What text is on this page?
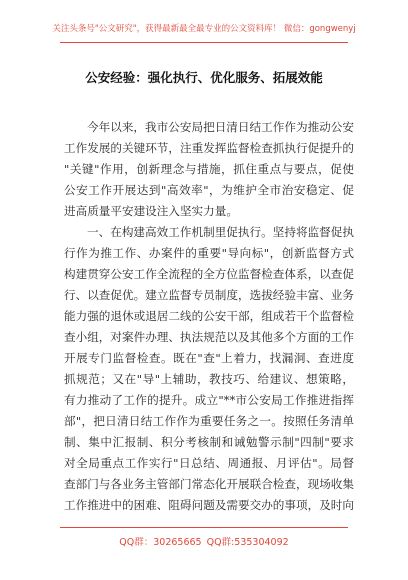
关注头条号"公文研究"，获得最新最全最专业的公文资料库！ 微信：gongwenyj
公安经验：强化执行、优化服务、拓展效能
今年以来，我市公安局把日清日结工作作为推动公安
工作发展的关键环节，注重发挥监督检查抓执行促提升的
"关键"作用，创新理念与措施，抓住重点与要点，促使
公安工作开展达到"高效率"，为维护全市治安稳定、促
进高质量平安建设注入坚实力量。
一、在构建高效工作机制里促执行。坚持将监督促执
行作为推工作、办案件的重要"导向标"，创新监督方式
构建贯穿公安工作全流程的全方位监督检查体系，以查促
行、以查促优。建立监督专员制度，选拔经验丰富、业务
能力强的退休或退居二线的公安干部，组成若干个监督检
查小组，对案件办理、执法规范以及其他多个方面的工作
开展专门监督检查。既在"查"上着力，找漏洞、查进度
抓规范；又在"导"上辅助，教技巧、给建议、想策略，
有力推动了工作的提升。成立"**市公安局工作推进指挥
部"，把日清日结工作作为重要任务之一。按照任务清单
制、集中汇报制、积分考核制和诫勉警示制"四制"要求
对全局重点工作实行"日总结、周通报、月评估"。局督
查部门与各业务主管部门常态化开展联合检查，现场收集
工作推进中的困难、阻碍问题及需要交办的事项，及时向
QQ群：30265665 QQ群:535304092
